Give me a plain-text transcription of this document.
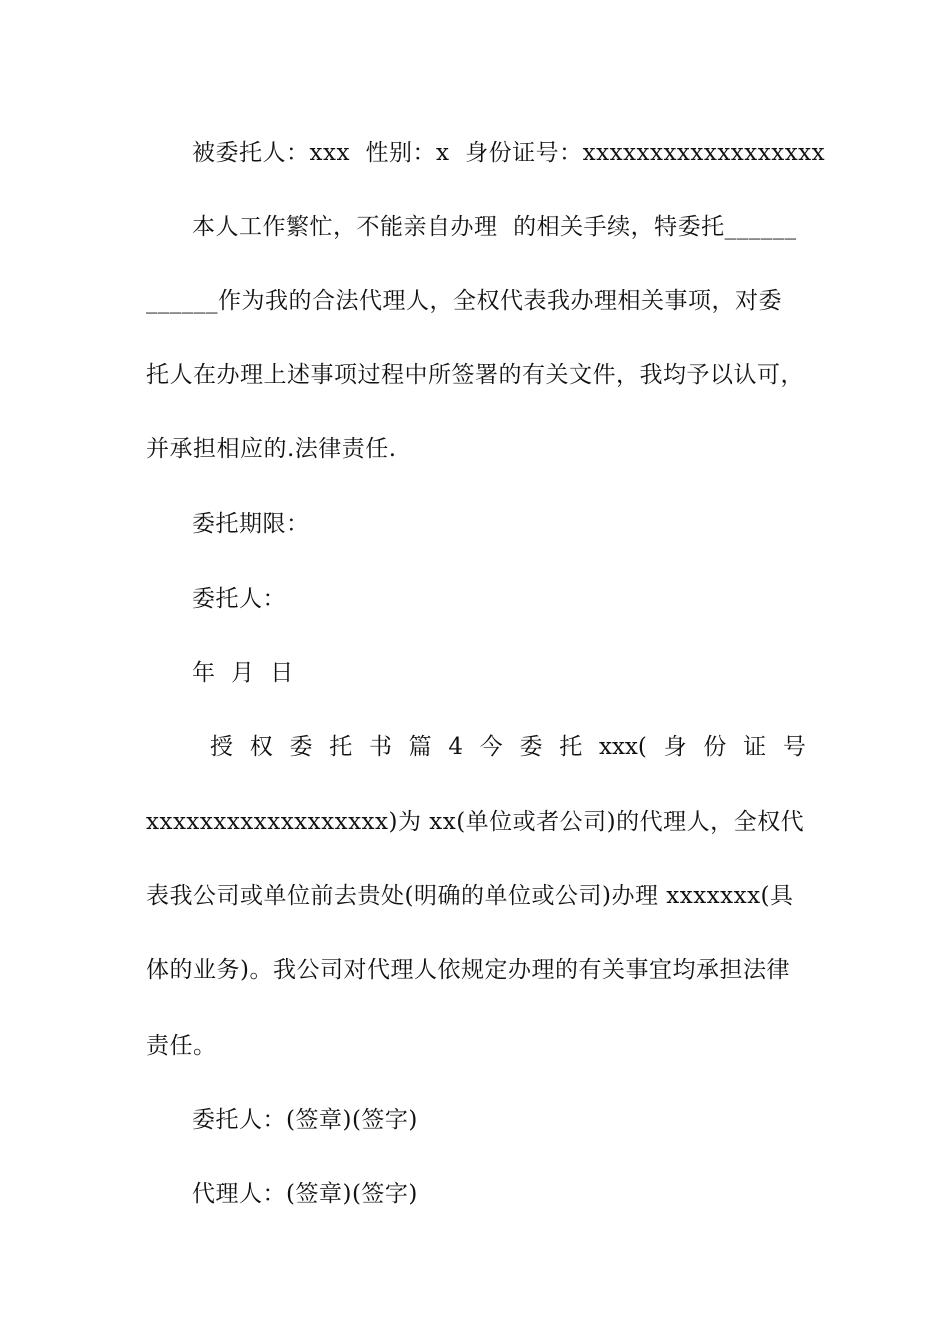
被委托人：xxx  性别：x  身份证号：xxxxxxxxxxxxxxxxxx
本人工作繁忙，不能亲自办理  的相关手续，特委托______
______作为我的合法代理人，全权代表我办理相关事项，对委
托人在办理上述事项过程中所签署的有关文件，我均予以认可，
并承担相应的.法律责任.
委托期限：
委托人：
年  月  日
授 权 委 托 书 篇 4 今 委 托 xxx( 身 份 证 号
xxxxxxxxxxxxxxxxxx)为 xx(单位或者公司)的代理人，全权代
表我公司或单位前去贵处(明确的单位或公司)办理 xxxxxxx(具
体的业务)。我公司对代理人依规定办理的有关事宜均承担法律
责任。
委托人：(签章)(签字)
代理人：(签章)(签字)
